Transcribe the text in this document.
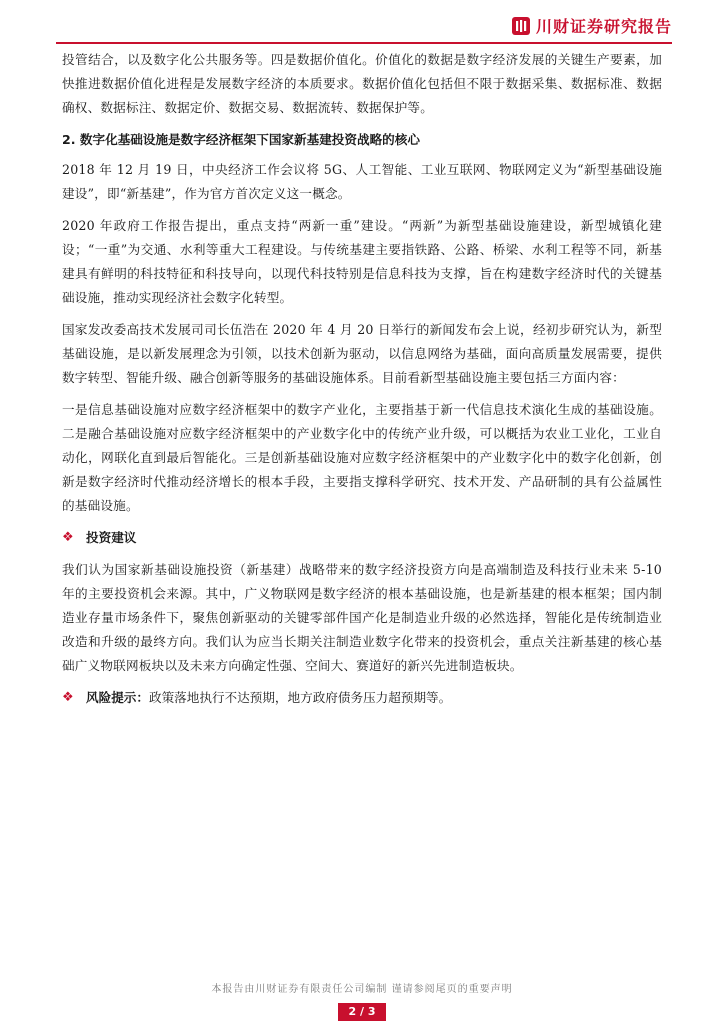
川财证券研究报告

投管结合，以及数字化公共服务等。四是数据价值化。价值化的数据是数字经济发展的关键生产要素，加快推进数据价值化进程是发展数字经济的本质要求。数据价值化包括但不限于数据采集、数据标准、数据确权、数据标注、数据定价、数据交易、数据流转、数据保护等。

2. 数字化基础设施是数字经济框架下国家新基建投资战略的核心

2018 年 12 月 19 日，中央经济工作会议将 5G、人工智能、工业互联网、物联网定义为“新型基础设施建设”，即“新基建”，作为官方首次定义这一概念。

2020 年政府工作报告提出，重点支持“两新一重”建设。“两新”为新型基础设施建设，新型城镇化建设；“一重”为交通、水利等重大工程建设。与传统基建主要指铁路、公路、桥梁、水利工程等不同，新基建具有鲜明的科技特征和科技导向，以现代科技特别是信息科技为支撑，旨在构建数字经济时代的关键基础设施，推动实现经济社会数字化转型。

国家发改委高技术发展司司长伍浩在 2020 年 4 月 20 日举行的新闻发布会上说，经初步研究认为，新型基础设施，是以新发展理念为引领，以技术创新为驱动，以信息网络为基础，面向高质量发展需要，提供数字转型、智能升级、融合创新等服务的基础设施体系。目前看新型基础设施主要包括三方面内容：

一是信息基础设施对应数字经济框架中的数字产业化，主要指基于新一代信息技术演化生成的基础设施。二是融合基础设施对应数字经济框架中的产业数字化中的传统产业升级，可以概括为农业工业化，工业自动化，网联化直到最后智能化。三是创新基础设施对应数字经济框架中的产业数字化中的数字化创新，创新是数字经济时代推动经济增长的根本手段，主要指支撑科学研究、技术开发、产品研制的具有公益属性的基础设施。

❖ 投资建议

我们认为国家新基础设施投资（新基建）战略带来的数字经济投资方向是高端制造及科技行业未来 5-10 年的主要投资机会来源。其中，广义物联网是数字经济的根本基础设施，也是新基建的根本框架；国内制造业存量市场条件下，聚焦创新驱动的关键零部件国产化是制造业升级的必然选择，智能化是传统制造业改造和升级的最终方向。我们认为应当长期关注制造业数字化带来的投资机会，重点关注新基建的核心基础广义物联网板块以及未来方向确定性强、空间大、赛道好的新兴先进制造板块。

❖ 风险提示： 政策落地执行不达预期，地方政府债务压力超预期等。
本报告由川财证券有限责任公司编制 谨请参阅尾页的重要声明
2 / 3
